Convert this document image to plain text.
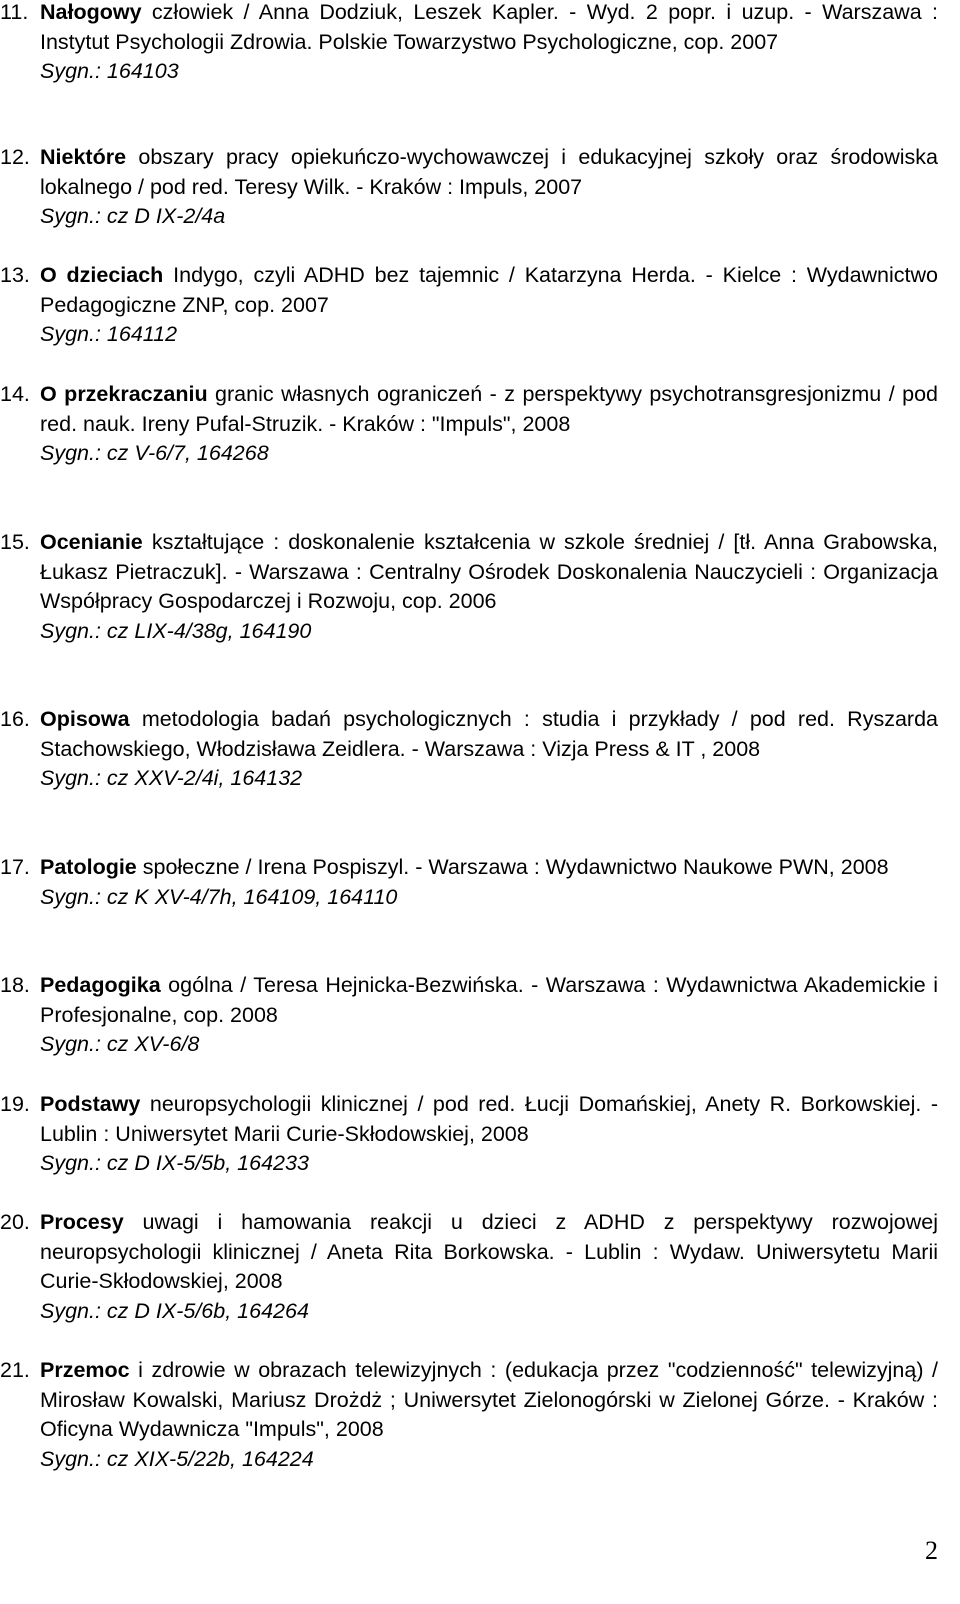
11. Nałogowy człowiek / Anna Dodziuk, Leszek Kapler. - Wyd. 2 popr. i uzup. - Warszawa : Instytut Psychologii Zdrowia. Polskie Towarzystwo Psychologiczne, cop. 2007
Sygn.: 164103
12. Niektóre obszary pracy opiekuńczo-wychowawczej i edukacyjnej szkoły oraz środowiska lokalnego / pod red. Teresy Wilk. - Kraków : Impuls, 2007
Sygn.: cz D IX-2/4a
13. O dzieciach Indygo, czyli ADHD bez tajemnic / Katarzyna Herda. - Kielce : Wydawnictwo Pedagogiczne ZNP, cop. 2007
Sygn.: 164112
14. O przekraczaniu granic własnych ograniczeń - z perspektywy psychotransgresjonizmu / pod red. nauk. Ireny Pufal-Struzik. - Kraków : "Impuls", 2008
Sygn.: cz V-6/7, 164268
15. Ocenianie kształtujące : doskonalenie kształcenia w szkole średniej / [tł. Anna Grabowska, Łukasz Pietraczuk]. - Warszawa : Centralny Ośrodek Doskonalenia Nauczycieli : Organizacja Współpracy Gospodarczej i Rozwoju, cop. 2006
Sygn.: cz LIX-4/38g, 164190
16. Opisowa metodologia badań psychologicznych : studia i przykłady / pod red. Ryszarda Stachowskiego, Włodzisława Zeidlera. - Warszawa : Vizja Press & IT , 2008
Sygn.: cz XXV-2/4i, 164132
17. Patologie społeczne / Irena Pospiszyl. - Warszawa : Wydawnictwo Naukowe PWN, 2008
Sygn.: cz K XV-4/7h, 164109, 164110
18. Pedagogika ogólna / Teresa Hejnicka-Bezwińska. - Warszawa : Wydawnictwa Akademickie i Profesjonalne, cop. 2008
Sygn.: cz XV-6/8
19. Podstawy neuropsychologii klinicznej / pod red. Łucji Domańskiej, Anety R. Borkowskiej. - Lublin : Uniwersytet Marii Curie-Skłodowskiej, 2008
Sygn.: cz D IX-5/5b, 164233
20. Procesy uwagi i hamowania reakcji u dzieci z ADHD z perspektywy rozwojowej neuropsychologii klinicznej / Aneta Rita Borkowska. - Lublin : Wydaw. Uniwersytetu Marii Curie-Skłodowskiej, 2008
Sygn.: cz D IX-5/6b, 164264
21. Przemoc i zdrowie w obrazach telewizyjnych : (edukacja przez "codzienność" telewizyjną) / Mirosław Kowalski, Mariusz Drożdż ; Uniwersytet Zielonogórski w Zielonej Górze. - Kraków : Oficyna Wydawnicza "Impuls", 2008
Sygn.: cz XIX-5/22b, 164224
2
